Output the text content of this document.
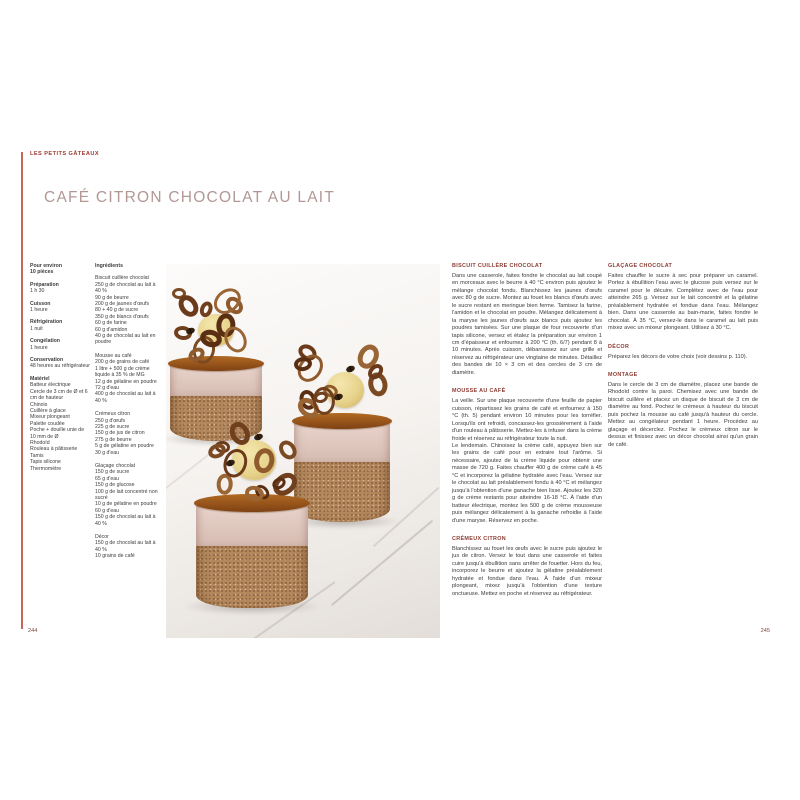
LES PETITS GÂTEAUX
CAFÉ CITRON CHOCOLAT AU LAIT
Pour environ
10 pièces
Préparation
1 h 30
Cuisson
1 heure
Réfrigération
1 nuit
Congélation
1 heure
Conservation
48 heures au réfrigérateur
Matériel
Batteur électrique
Cercle de 3 cm de Ø et 6 cm de hauteur
Chinois
Cuillère à glace
Mixeur plongeant
Palette coudée
Poche + douille unie de 10 mm de Ø
Rhodoïd
Rouleau à pâtisserie
Tamis
Tapis silicone
Thermomètre
Ingrédients
Biscuit cuillère chocolat
250 g de chocolat au lait à 40 %
90 g de beurre
200 g de jaunes d'œufs
80 + 40 g de sucre
350 g de blancs d'œufs
60 g de farine
60 g d'amidon
40 g de chocolat au lait en poudre
Mousse au café
200 g de grains de café
1 litre + 500 g de crème liquide à 35 % de MG
12 g de gélatine en poudre
72 g d'eau
400 g de chocolat au lait à 40 %
Crémeux citron
250 g d'œufs
225 g de sucre
150 g de jus de citron
275 g de beurre
5 g de gélatine en poudre
30 g d'eau
Glaçage chocolat
150 g de sucre
65 g d'eau
150 g de glucose
100 g de lait concentré non sucré
10 g de gélatine en poudre
60 g d'eau
150 g de chocolat au lait à 40 %
Décor
150 g de chocolat au lait à 40 %
10 grains de café
BISCUIT CUILLÈRE CHOCOLAT
Dans une casserole, faites fondre le chocolat au lait coupé en morceaux avec le beurre à 40 °C environ puis ajoutez le mélange chocolat fondu. Blanchissez les jaunes d'œufs avec 80 g de sucre. Montez au fouet les blancs d'œufs avec le sucre restant en meringue bien ferme. Tamisez la farine, l'amidon et le chocolat en poudre. Mélangez délicatement à la maryse les jaunes d'œufs aux blancs puis ajoutez les poudres tamisées. Sur une plaque de four recouverte d'un tapis silicone, versez et étalez la préparation sur environ 1 cm d'épaisseur et enfournez à 200 °C (th. 6/7) pendant 8 à 10 minutes. Après cuisson, débarrassez sur une grille et réservez au réfrigérateur une vingtaine de minutes. Détaillez des bandes de 10 × 3 cm et des cercles de 3 cm de diamètre.
MOUSSE AU CAFÉ
La veille. Sur une plaque recouverte d'une feuille de papier cuisson, répartissez les grains de café et enfournez à 150 °C (th. 5) pendant environ 10 minutes pour les torréfier. Lorsqu'ils ont refroidi, concassez-les grossièrement à l'aide d'un rouleau à pâtisserie. Mettez-les à infuser dans la crème froide et réservez au réfrigérateur toute la nuit.
Le lendemain. Chinoisez la crème café, appuyez bien sur les grains de café pour en extraire tout l'arôme. Si nécessaire, ajoutez de la crème liquide pour obtenir une masse de 720 g. Faites chauffer 400 g de crème café à 45 °C et incorporez la gélatine hydratée avec l'eau. Versez sur le chocolat au lait préalablement fondu à 40 °C et mélangez jusqu'à l'obtention d'une ganache bien lisse. Ajoutez les 320 g de crème restants pour atteindre 16-18 °C. À l'aide d'un batteur électrique, montez les 500 g de crème mousseuse puis mélangez délicatement à la ganache refroidie à l'aide d'une maryse. Réservez en poche.
CRÉMEUX CITRON
Blanchissez au fouet les œufs avec le sucre puis ajoutez le jus de citron. Versez le tout dans une casserole et faites cuire jusqu'à ébullition sans arrêter de fouetter. Hors du feu, incorporez le beurre et ajoutez la gélatine préalablement hydratée et fondue dans l'eau. À l'aide d'un mixeur plongeant, mixez jusqu'à l'obtention d'une texture onctueuse. Mettez en poche et réservez au réfrigérateur.
GLAÇAGE CHOCOLAT
Faites chauffer le sucre à sec pour préparer un caramel. Portez à ébullition l'eau avec le glucose puis versez sur le caramel pour le décuire. Complétez avec de l'eau pour atteindre 265 g. Versez sur le lait concentré et la gélatine préalablement hydratée et fondue dans l'eau. Mélangez bien. Dans une casserole au bain-marie, faites fondre le chocolat. À 35 °C, versez-le dans le caramel au lait puis mixez avec un mixeur plongeant. Utilisez à 30 °C.
DÉCOR
Préparez les décors de votre choix (voir dessins p. 110).
MONTAGE
Dans le cercle de 3 cm de diamètre, placez une bande de Rhodoïd contre la paroi. Chemisez avec une bande de biscuit cuillère et placez un disque de biscuit de 3 cm de diamètre au fond. Pochez le crémeux à hauteur du biscuit puis pochez la mousse au café jusqu'à hauteur du cercle. Mettez au congélateur pendant 1 heure. Procédez au glaçage et décerclez. Pochez le crémeux citron sur le dessus et finissez avec un décor chocolat ainsi qu'un grain de café.
244	245
